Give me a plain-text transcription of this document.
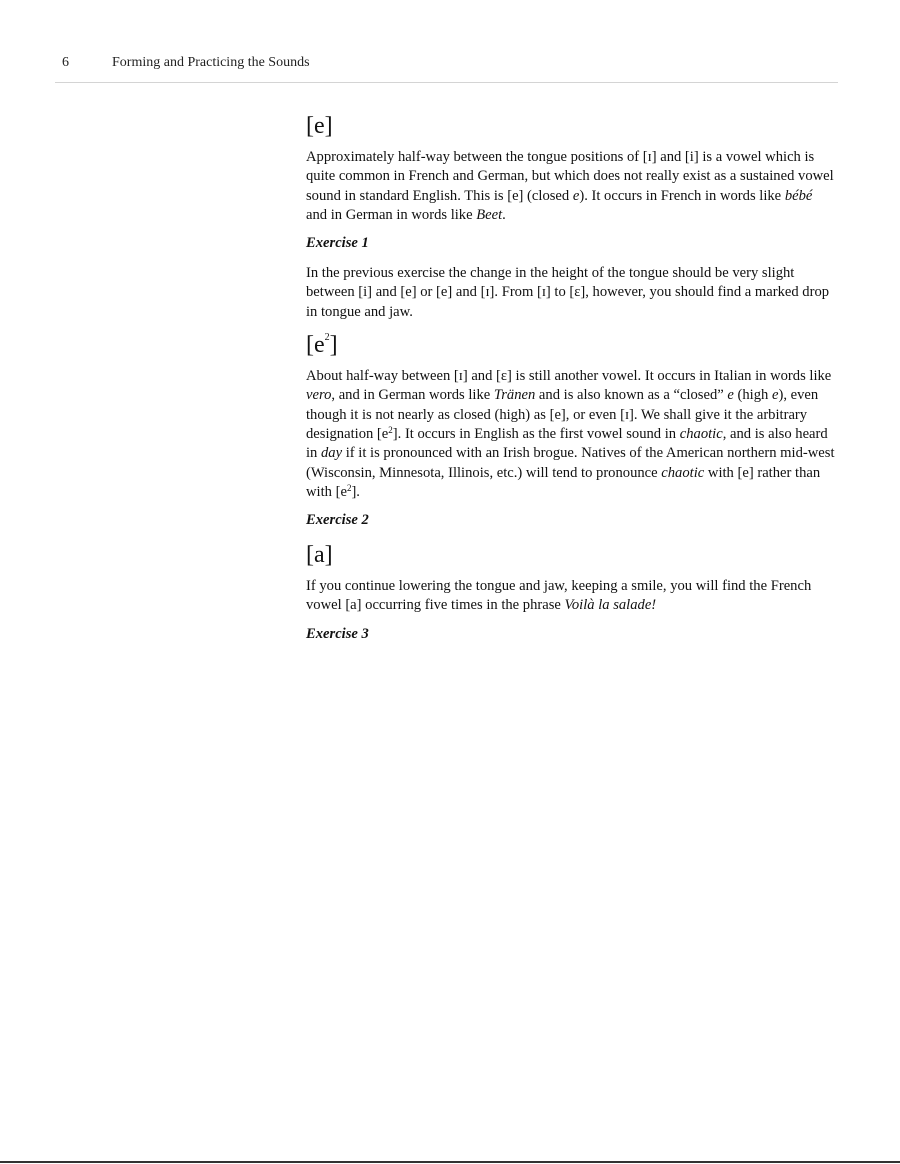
6	Forming and Practicing the Sounds
[e]

Approximately half-way between the tongue positions of [ɪ] and [i] is a vowel which is quite common in French and German, but which does not really exist as a sustained vowel sound in standard English. This is [e] (closed e). It occurs in French in words like bébé and in German in words like Beet.

Exercise 1

In the previous exercise the change in the height of the tongue should be very slight between [i] and [e] or [e] and [ɪ]. From [ɪ] to [ɛ], however, you should find a marked drop in tongue and jaw.

$[e^2]$

About half-way between [ɪ] and [ɛ] is still another vowel. It occurs in Italian in words like vero, and in German words like Tränen and is also known as a “closed” e (high e), even though it is not nearly as closed (high) as [e], or even [ɪ]. We shall give it the arbitrary designation $[e^2]$. It occurs in English as the first vowel sound in chaotic, and is also heard in day if it is pronounced with an Irish brogue. Natives of the American northern mid-west (Wisconsin, Minnesota, Illinois, etc.) will tend to pronounce chaotic with [e] rather than with $[e^2]$.

Exercise 2
[a]

If you continue lowering the tongue and jaw, keeping a smile, you will find the French vowel [a] occurring five times in the phrase Voilà la salade!

Exercise 3
